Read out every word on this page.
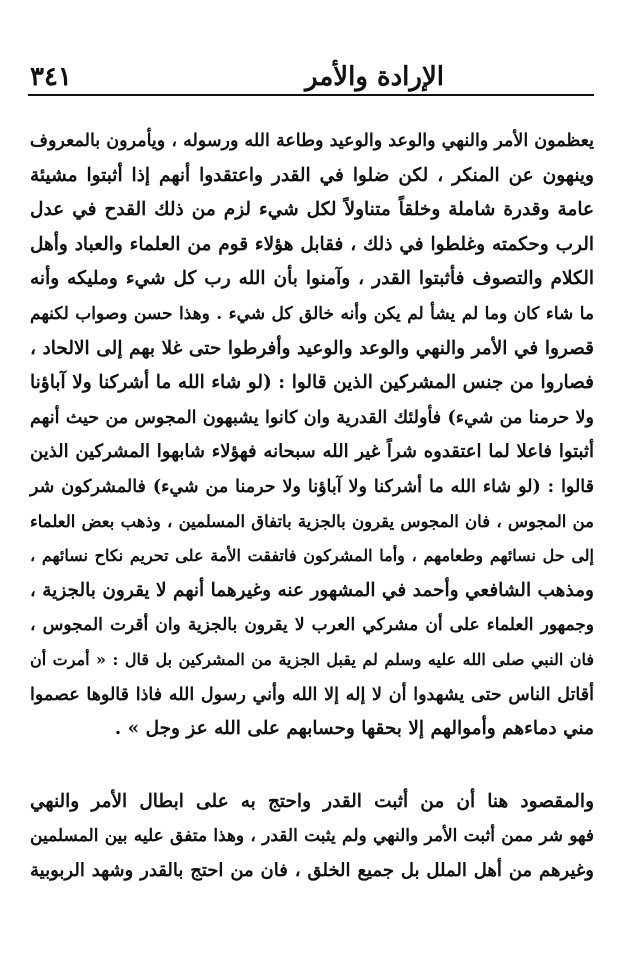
٣٤١	الإرادة والأمر
يعظمون الأمر والنهي والوعد والوعيد وطاعة الله ورسوله ، ويأمرون بالمعروف
وينهون عن المنكر ، لكن ضلوا في القدر واعتقدوا أنهم إذا أثبتوا مشيئة
عامة وقدرة شاملة وخلقاً متناولاً لكل شيء لزم من ذلك القدح في عدل
الرب وحكمته وغلطوا في ذلك ، فقابل هؤلاء قوم من العلماء والعباد وأهل
الكلام والتصوف فأثبتوا القدر ، وآمنوا بأن الله رب كل شيء ومليكه وأنه
ما شاء كان وما لم يشأ لم يكن وأنه خالق كل شيء . وهذا حسن وصواب لكنهم
قصروا في الأمر والنهي والوعد والوعيد وأفرطوا حتى غلا بهم إلى الالحاد ،
فصاروا من جنس المشركين الذين قالوا : (لو شاء الله ما أشركنا ولا آباؤنا
ولا حرمنا من شيء) فأولئك القدرية وان كانوا يشبهون المجوس من حيث أنهم
أثبتوا فاعلا لما اعتقدوه شراً غير الله سبحانه فهؤلاء شابهوا المشركين الذين
قالوا : (لو شاء الله ما أشركنا ولا آباؤنا ولا حرمنا من شيء) فالمشركون شر
من المجوس ، فان المجوس يقرون بالجزية باتفاق المسلمين ، وذهب بعض العلماء
إلى حل نسائهم وطعامهم ، وأما المشركون فاتفقت الأمة على تحريم نكاح نسائهم ،
ومذهب الشافعي وأحمد في المشهور عنه وغيرهما أنهم لا يقرون بالجزية ،
وجمهور العلماء على أن مشركي العرب لا يقرون بالجزية وان أقرت المجوس ،
فان النبي صلى الله عليه وسلم لم يقبل الجزية من المشركين بل قال : « أمرت أن
أقاتل الناس حتى يشهدوا أن لا إله إلا الله وأني رسول الله فاذا قالوها عصموا
مني دماءهم وأموالهم إلا بحقها وحسابهم على الله عز وجل » .
والمقصود هنا أن من أثبت القدر واحتج به على ابطال الأمر والنهي
فهو شر ممن أثبت الأمر والنهي ولم يثبت القدر ، وهذا متفق عليه بين المسلمين
وغيرهم من أهل الملل بل جميع الخلق ، فان من احتج بالقدر وشهد الربوبية
